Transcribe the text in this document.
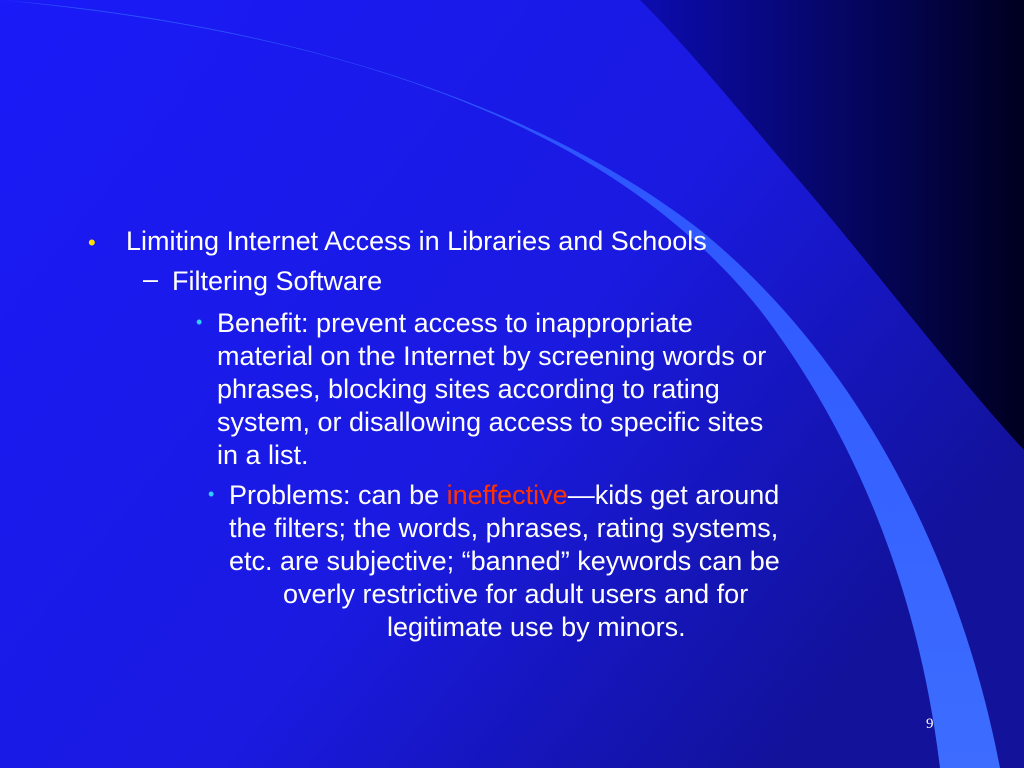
• Limiting Internet Access in Libraries and Schools
– Filtering Software
• Benefit: prevent access to inappropriate
material on the Internet by screening words or
phrases, blocking sites according to rating
system, or disallowing access to specific sites
in a list.
• Problems: can be ineffective—kids get around
the filters; the words, phrases, rating systems,
etc. are subjective; “banned” keywords can be
overly restrictive for adult users and for
legitimate use by minors.
9
